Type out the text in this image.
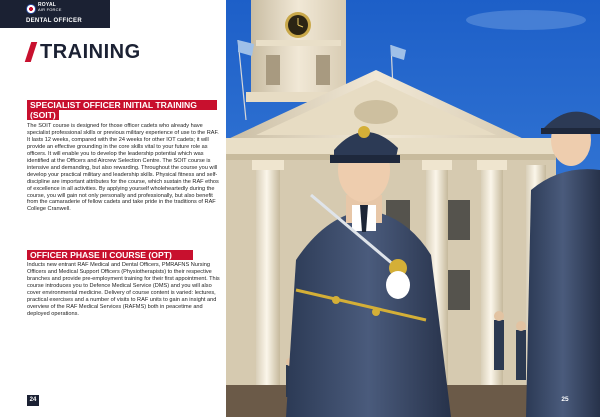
ROYAL
AIR FORCE
DENTAL OFFICER
TRAINING
SPECIALIST OFFICER INITIAL TRAINING
(SOIT)

The SOIT course is designed for those officer cadets who already have specialist professional skills or previous military experience of use to the RAF. It lasts 12 weeks, compared with the 24 weeks for other IOT cadets; it will provide an effective grounding in the core skills vital to your future role as officers. It will enable you to develop the leadership potential which was identified at the Officers and Aircrew Selection Centre. The SOIT course is intensive and demanding, but also rewarding. Throughout the course you will develop your practical military and leadership skills. Physical fitness and self-discipline are important attributes for the course, which sustain the RAF ethos of excellence in all activities. By applying yourself wholeheartedly during the course, you will gain not only personally and professionally, but also benefit from the camaraderie of fellow cadets and take pride in the traditions of RAF College Cranwell.

OFFICER PHASE II COURSE (OPT)

Inducts new entrant RAF Medical and Dental Officers, PMRAFNS Nursing Officers and Medical Support Officers (Physiotherapists) to their respective branches and provide pre-employment training for their first appointment. This course introduces you to Defence Medical Service (DMS) and you will also cover environmental medicine. Delivery of course content is varied: lectures, practical exercises and a number of visits to RAF units to gain an insight and overview of the RAF Medical Services (RAFMS) both in peacetime and deployed operations.

24	25
